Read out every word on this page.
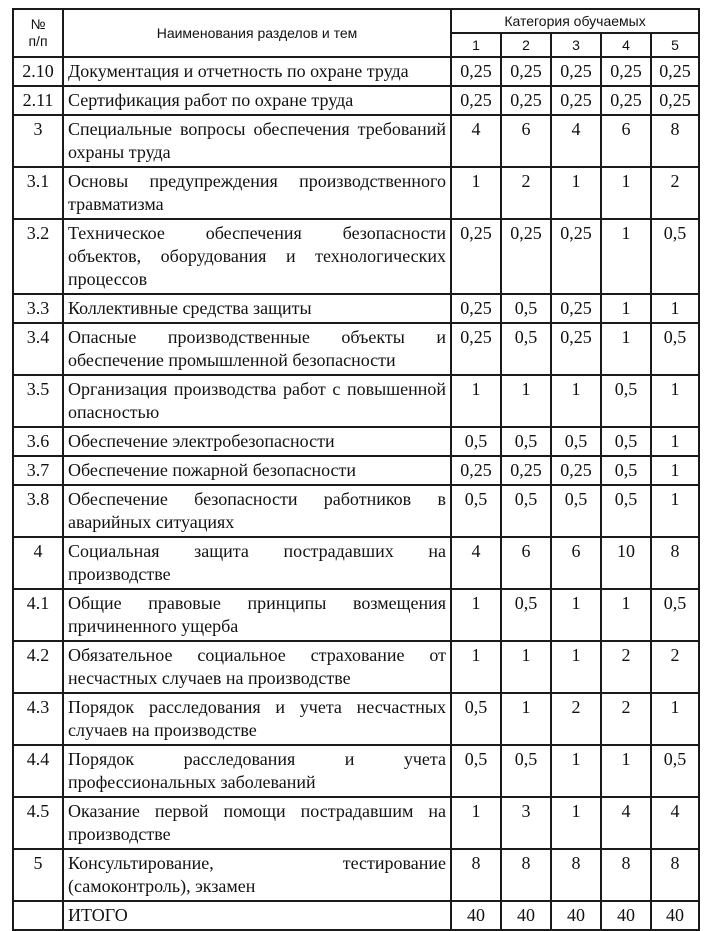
№
п/п	Наименования разделов и тем	Категория обучаемых				
		1	2	3	4	5
2.10	Документация и отчетность по охране труда	0,25	0,25	0,25	0,25	0,25
2.11	Сертификация работ по охране труда	0,25	0,25	0,25	0,25	0,25
3	Специальные вопросы обеспечения требований охраны труда	4	6	4	6	8
3.1	Основы предупреждения производственного травматизма	1	2	1	1	2
3.2	Техническое обеспечения безопасности объектов, оборудования и технологических процессов	0,25	0,25	0,25	1	0,5
3.3	Коллективные средства защиты	0,25	0,5	0,25	1	1
3.4	Опасные производственные объекты и обеспечение промышленной безопасности	0,25	0,5	0,25	1	0,5
3.5	Организация производства работ с повышенной опасностью	1	1	1	0,5	1
3.6	Обеспечение электробезопасности	0,5	0,5	0,5	0,5	1
3.7	Обеспечение пожарной безопасности	0,25	0,25	0,25	0,5	1
3.8	Обеспечение безопасности работников в аварийных ситуациях	0,5	0,5	0,5	0,5	1
4	Социальная защита пострадавших на производстве	4	6	6	10	8
4.1	Общие правовые принципы возмещения причиненного ущерба	1	0,5	1	1	0,5
4.2	Обязательное социальное страхование от несчастных случаев на производстве	1	1	1	2	2
4.3	Порядок расследования и учета несчастных случаев на производстве	0,5	1	2	2	1
4.4	Порядок расследования и учета профессиональных заболеваний	0,5	0,5	1	1	0,5
4.5	Оказание первой помощи пострадавшим на производстве	1	3	1	4	4
5	Консультирование, тестирование (самоконтроль), экзамен	8	8	8	8	8
	ИТОГО	40	40	40	40	40
